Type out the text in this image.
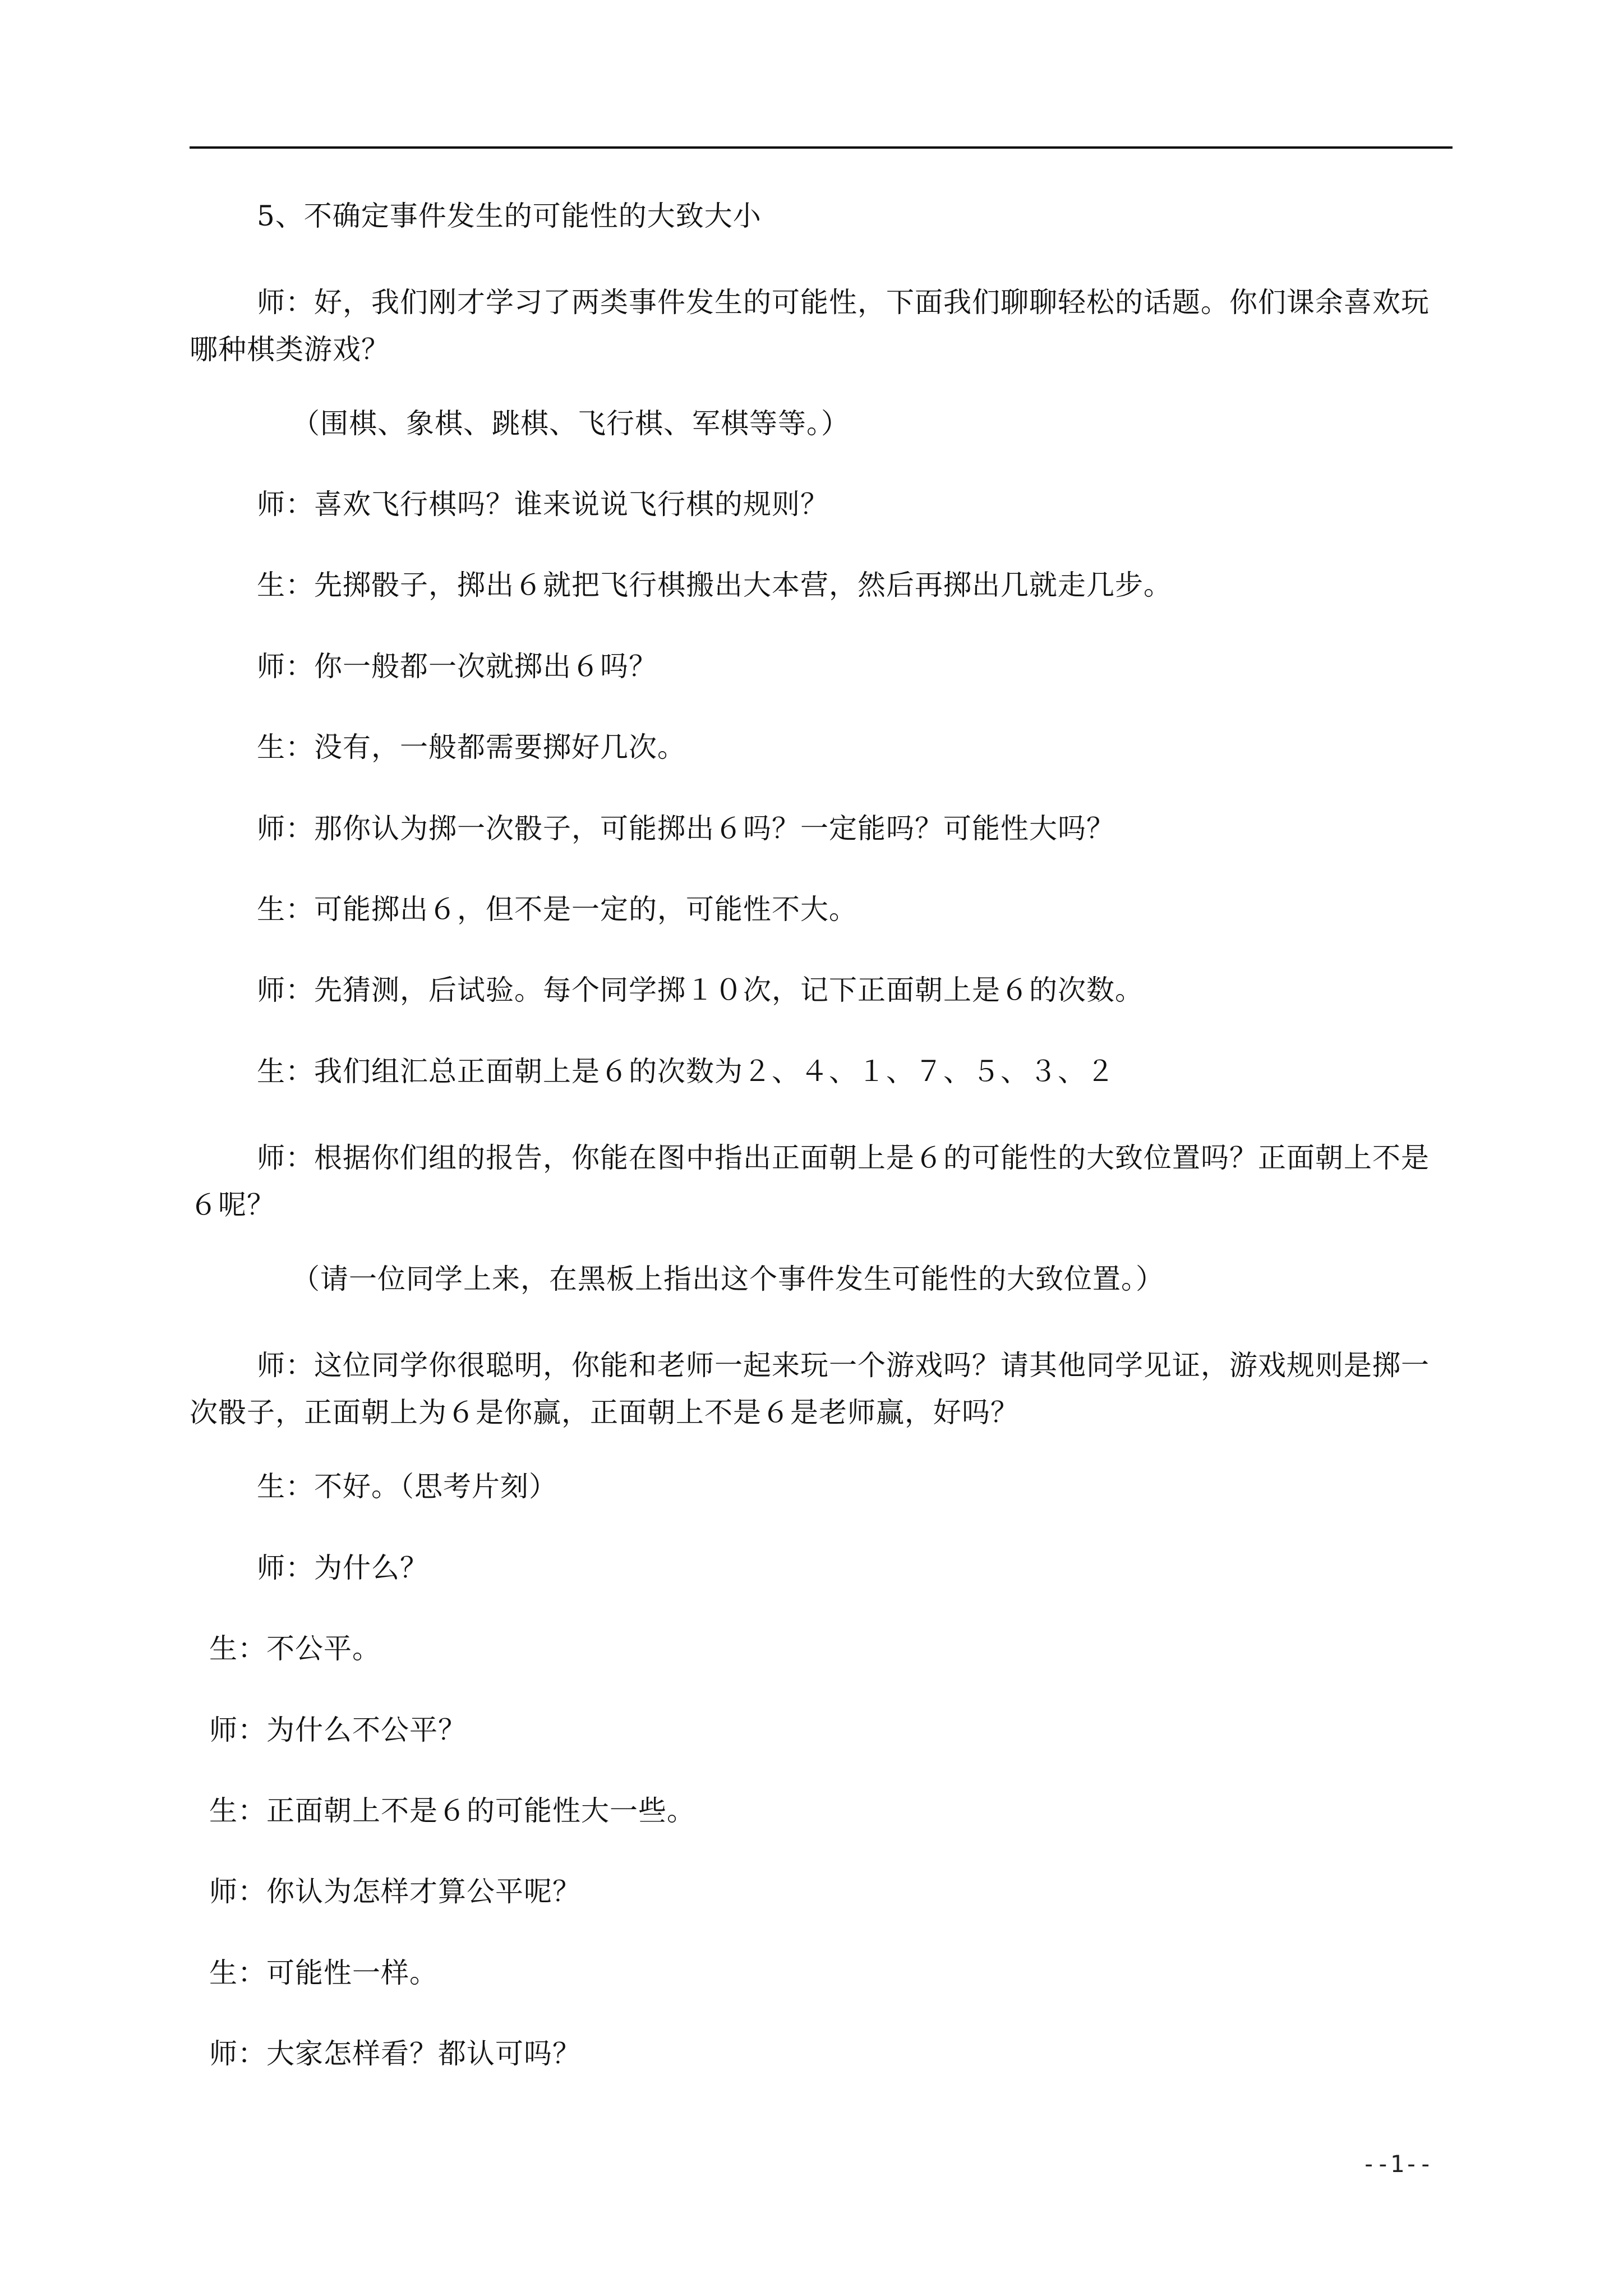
5、不确定事件发生的可能性的大致大小

师：好，我们刚才学习了两类事件发生的可能性，下面我们聊聊轻松的话题。你们课余喜欢玩哪种棋类游戏？

（围棋、象棋、跳棋、飞行棋、军棋等等。）

师：喜欢飞行棋吗？谁来说说飞行棋的规则？

生：先掷骰子，掷出６就把飞行棋搬出大本营，然后再掷出几就走几步。

师：你一般都一次就掷出６吗？

生：没有，一般都需要掷好几次。

师：那你认为掷一次骰子，可能掷出６吗？一定能吗？可能性大吗？

生：可能掷出６，但不是一定的，可能性不大。

师：先猜测，后试验。每个同学掷１０次，记下正面朝上是６的次数。

生：我们组汇总正面朝上是６的次数为２、４、１、７、５、３、２

师：根据你们组的报告，你能在图中指出正面朝上是６的可能性的大致位置吗？正面朝上不是６呢？

（请一位同学上来，在黑板上指出这个事件发生可能性的大致位置。）

师：这位同学你很聪明，你能和老师一起来玩一个游戏吗？请其他同学见证，游戏规则是掷一次骰子，正面朝上为６是你赢，正面朝上不是６是老师赢，好吗？

生：不好。（思考片刻）

师：为什么？

生：不公平。

师：为什么不公平？

生：正面朝上不是６的可能性大一些。

师：你认为怎样才算公平呢？

生：可能性一样。

师：大家怎样看？都认可吗？

--1--
